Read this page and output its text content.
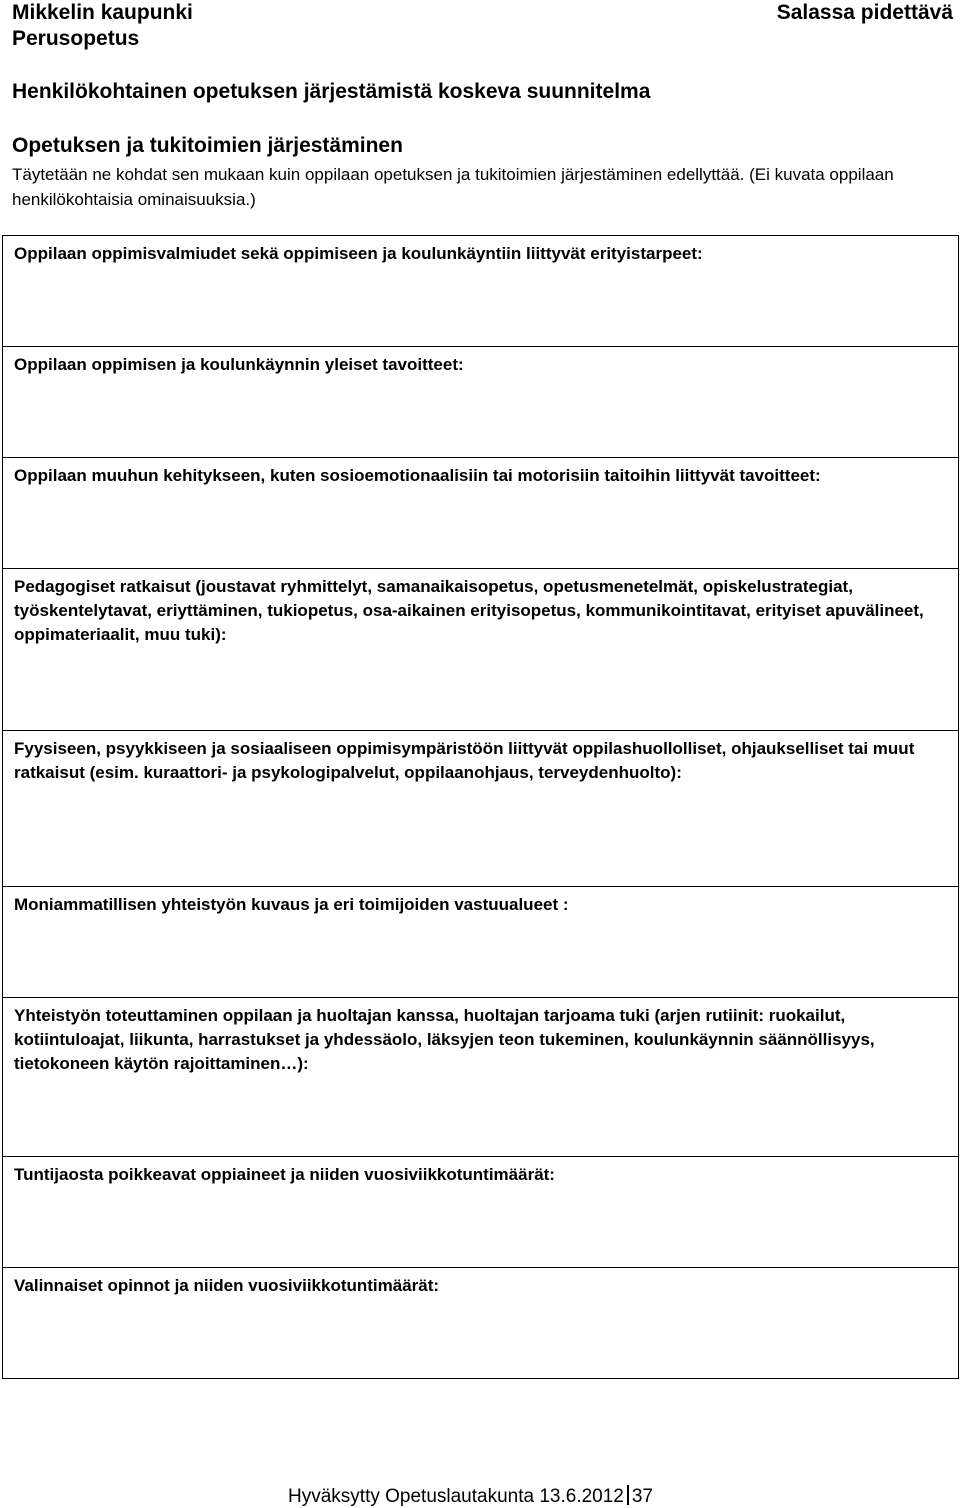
Mikkelin kaupunki
Perusopetus
Salassa pidettävä
Henkilökohtainen opetuksen järjestämistä koskeva suunnitelma
Opetuksen ja tukitoimien järjestäminen
Täytetään ne kohdat sen mukaan kuin oppilaan opetuksen ja tukitoimien järjestäminen edellyttää. (Ei kuvata oppilaan henkilökohtaisia ominaisuuksia.)
Oppilaan oppimisvalmiudet sekä oppimiseen ja koulunkäyntiin liittyvät erityistarpeet:

Oppilaan oppimisen ja koulunkäynnin yleiset tavoitteet:

Oppilaan muuhun kehitykseen, kuten sosioemotionaalisiin tai motorisiin taitoihin liittyvät tavoitteet:

Pedagogiset ratkaisut (joustavat ryhmittelyt, samanaikaisopetus, opetusmenetelmät, opiskelustrategiat, työskentelytavat, eriyttäminen, tukiopetus, osa-aikainen erityisopetus, kommunikointitavat, erityiset apuvälineet, oppimateriaalit, muu tuki):

Fyysiseen, psyykkiseen ja sosiaaliseen oppimisympäristöön liittyvät oppilashuollolliset, ohjaukselliset tai muut ratkaisut (esim. kuraattori- ja psykologipalvelut, oppilaanohjaus, terveydenhuolto):

Moniammatillisen yhteistyön kuvaus ja eri toimijoiden vastuualueet :

Yhteistyön toteuttaminen oppilaan ja huoltajan kanssa, huoltajan tarjoama tuki (arjen rutiinit: ruokailut, kotiintuloajat, liikunta, harrastukset ja yhdessäolo, läksyjen teon tukeminen, koulunkäynnin säännöllisyys, tietokoneen käytön rajoittaminen…):

Tuntijaosta poikkeavat oppiaineet ja niiden vuosiviikkotuntimäärät:

Valinnaiset opinnot ja niiden vuosiviikkotuntimäärät:
Hyväksytty Opetuslautakunta 13.6.2012 37
